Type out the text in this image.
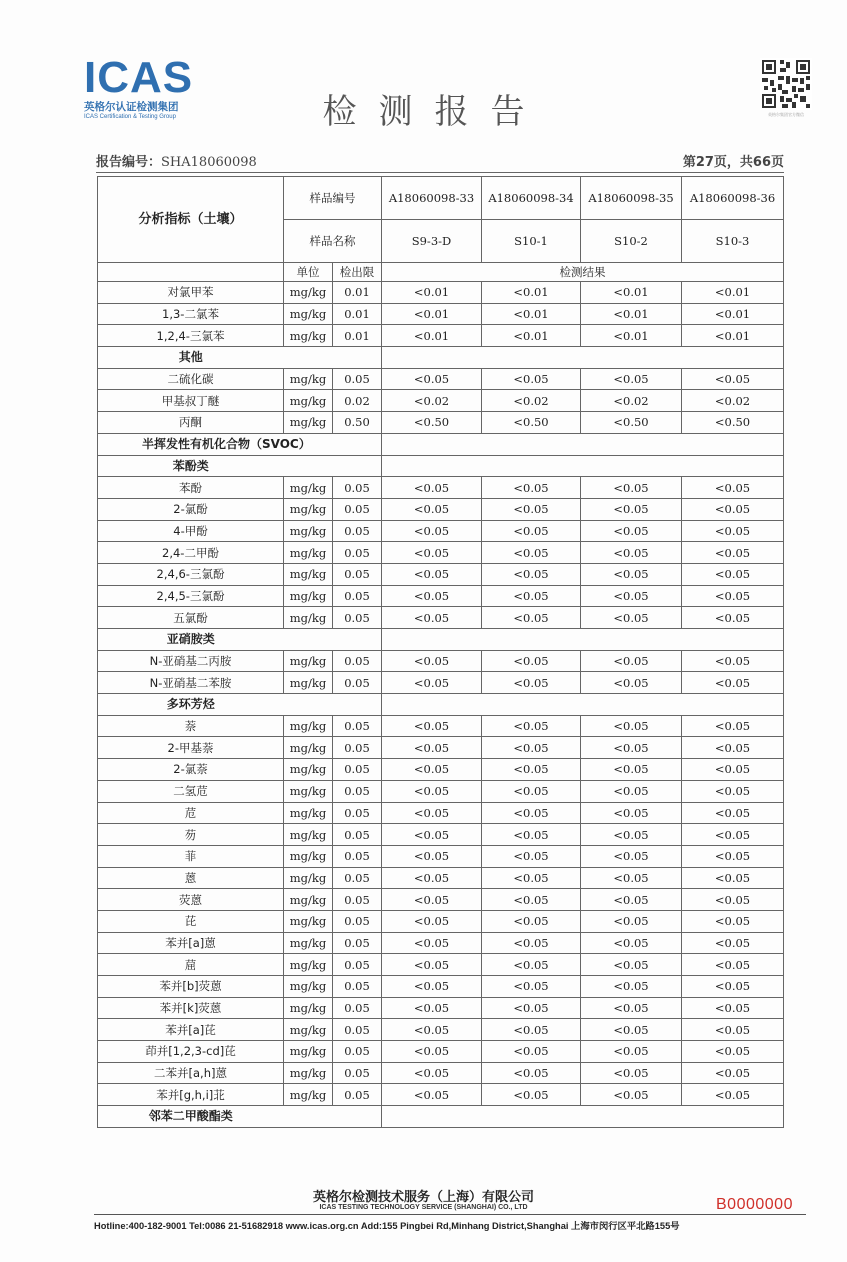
ICAS
英格尔认证检测集团
ICAS Certification & Testing Group	检测报告	英格尔集团官方微信
报告编号：SHA18060098	第27页，共66页
分析指标（土壤）	样品编号		A18060098-33	A18060098-34	A18060098-35	A18060098-36
	样品名称		S9-3-D	S10-1	S10-2	S10-3
	单位	检出限	检测结果			
对氯甲苯	mg/kg	0.01	<0.01	<0.01	<0.01	<0.01
1,3-二氯苯	mg/kg	0.01	<0.01	<0.01	<0.01	<0.01
1,2,4-三氯苯	mg/kg	0.01	<0.01	<0.01	<0.01	<0.01
其他						
二硫化碳	mg/kg	0.05	<0.05	<0.05	<0.05	<0.05
甲基叔丁醚	mg/kg	0.02	<0.02	<0.02	<0.02	<0.02
丙酮	mg/kg	0.50	<0.50	<0.50	<0.50	<0.50
半挥发性有机化合物（SVOC）						
苯酚类						
苯酚	mg/kg	0.05	<0.05	<0.05	<0.05	<0.05
2-氯酚	mg/kg	0.05	<0.05	<0.05	<0.05	<0.05
4-甲酚	mg/kg	0.05	<0.05	<0.05	<0.05	<0.05
2,4-二甲酚	mg/kg	0.05	<0.05	<0.05	<0.05	<0.05
2,4,6-三氯酚	mg/kg	0.05	<0.05	<0.05	<0.05	<0.05
2,4,5-三氯酚	mg/kg	0.05	<0.05	<0.05	<0.05	<0.05
五氯酚	mg/kg	0.05	<0.05	<0.05	<0.05	<0.05
亚硝胺类						
N-亚硝基二丙胺	mg/kg	0.05	<0.05	<0.05	<0.05	<0.05
N-亚硝基二苯胺	mg/kg	0.05	<0.05	<0.05	<0.05	<0.05
多环芳烃						
萘	mg/kg	0.05	<0.05	<0.05	<0.05	<0.05
2-甲基萘	mg/kg	0.05	<0.05	<0.05	<0.05	<0.05
2-氯萘	mg/kg	0.05	<0.05	<0.05	<0.05	<0.05
二氢苊	mg/kg	0.05	<0.05	<0.05	<0.05	<0.05
苊	mg/kg	0.05	<0.05	<0.05	<0.05	<0.05
芴	mg/kg	0.05	<0.05	<0.05	<0.05	<0.05
菲	mg/kg	0.05	<0.05	<0.05	<0.05	<0.05
蒽	mg/kg	0.05	<0.05	<0.05	<0.05	<0.05
荧蒽	mg/kg	0.05	<0.05	<0.05	<0.05	<0.05
芘	mg/kg	0.05	<0.05	<0.05	<0.05	<0.05
苯并[a]蒽	mg/kg	0.05	<0.05	<0.05	<0.05	<0.05
䓛	mg/kg	0.05	<0.05	<0.05	<0.05	<0.05
苯并[b]荧蒽	mg/kg	0.05	<0.05	<0.05	<0.05	<0.05
苯并[k]荧蒽	mg/kg	0.05	<0.05	<0.05	<0.05	<0.05
苯并[a]芘	mg/kg	0.05	<0.05	<0.05	<0.05	<0.05
茚并[1,2,3-cd]芘	mg/kg	0.05	<0.05	<0.05	<0.05	<0.05
二苯并[a,h]蒽	mg/kg	0.05	<0.05	<0.05	<0.05	<0.05
苯并[g,h,i]苝	mg/kg	0.05	<0.05	<0.05	<0.05	<0.05
邻苯二甲酸酯类						
英格尔检测技术服务（上海）有限公司
ICAS TESTING TECHNOLOGY SERVICE (SHANGHAI) CO., LTD	B0000000
Hotline:400-182-9001 Tel:0086 21-51682918 www.icas.org.cn Add:155 Pingbei Rd,Minhang District,Shanghai 上海市闵行区平北路155号
